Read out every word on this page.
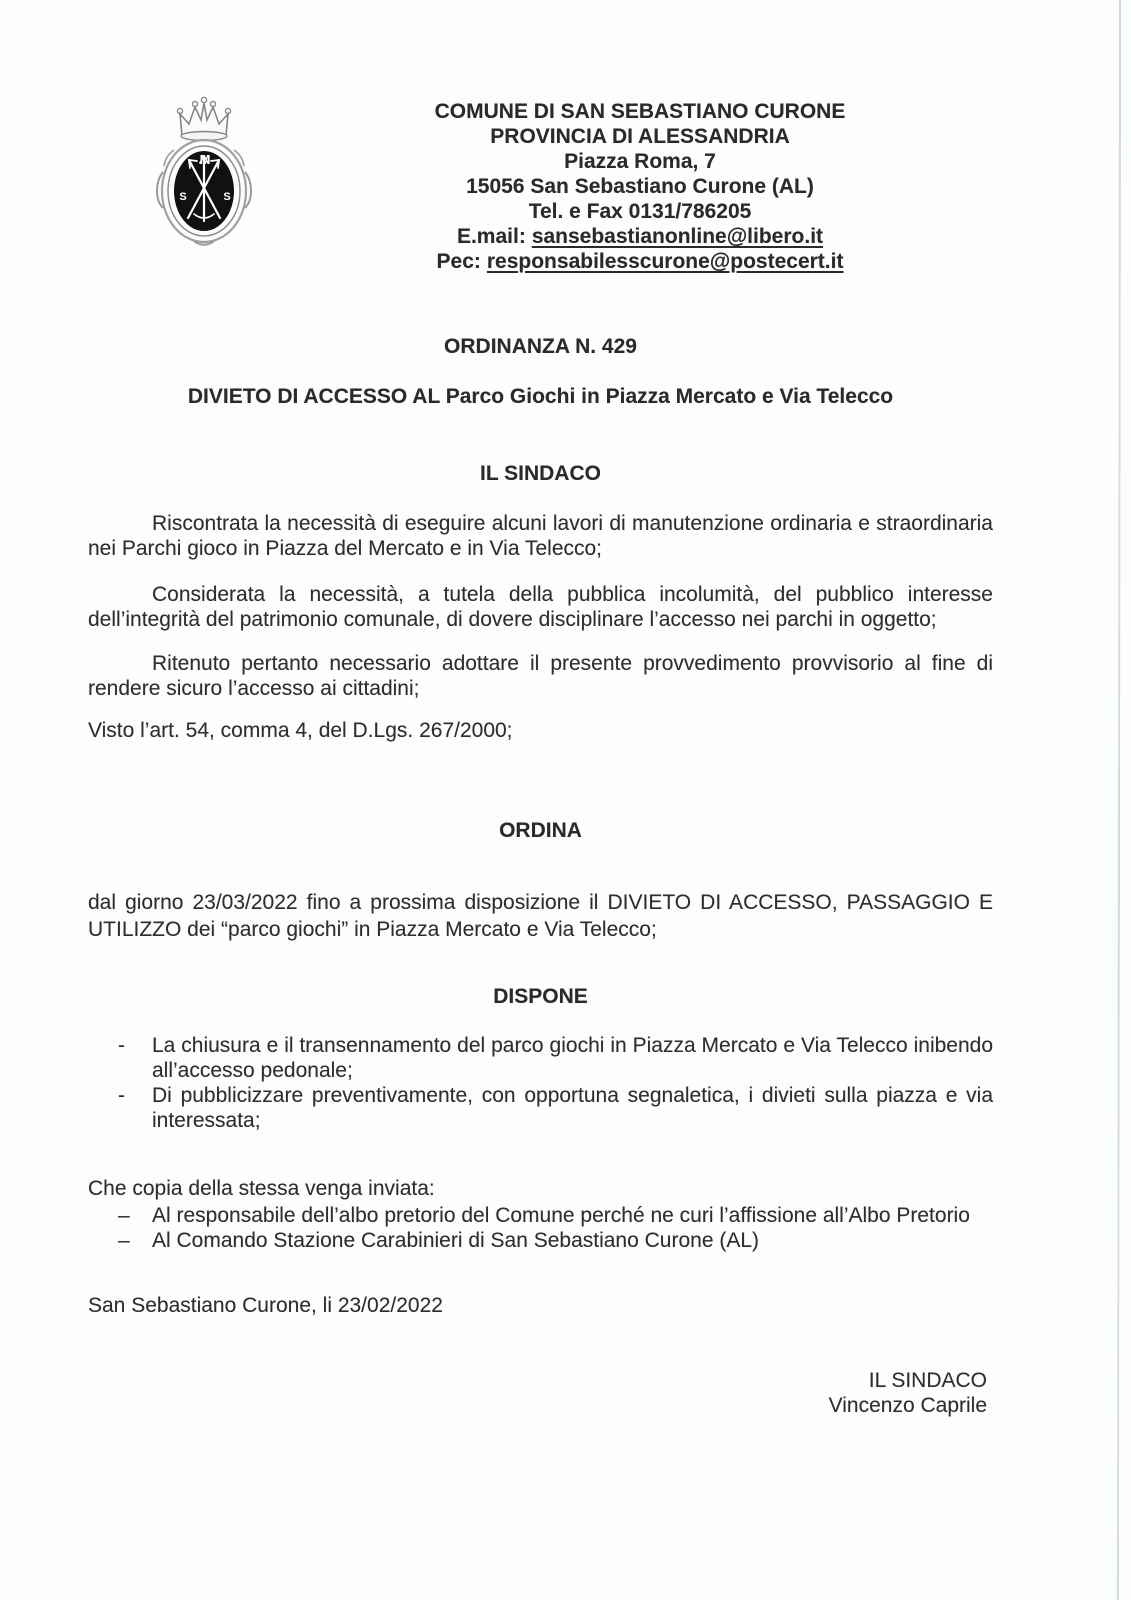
M
S	S
COMUNE DI SAN SEBASTIANO CURONE
PROVINCIA DI ALESSANDRIA
Piazza Roma, 7
15056 San Sebastiano Curone (AL)
Tel. e Fax 0131/786205
E.mail: sansebastianonline@libero.it
Pec: responsabilesscurone@postecert.it
ORDINANZA N. 429
DIVIETO DI ACCESSO AL Parco Giochi in Piazza Mercato e Via Telecco
IL SINDACO

Riscontrata la necessità di eseguire alcuni lavori di manutenzione ordinaria e straordinaria nei Parchi gioco in Piazza del Mercato e in Via Telecco;

Considerata la necessità, a tutela della pubblica incolumità, del pubblico interesse dell’integrità del patrimonio comunale, di dovere disciplinare l’accesso nei parchi in oggetto;

Ritenuto pertanto necessario adottare il presente provvedimento provvisorio al fine di rendere sicuro l’accesso ai cittadini;

Visto l’art. 54, comma 4, del D.Lgs. 267/2000;

ORDINA

dal giorno 23/03/2022 fino a prossima disposizione il DIVIETO DI ACCESSO, PASSAGGIO E UTILIZZO dei “parco giochi” in Piazza Mercato e Via Telecco;

DISPONE
-	La chiusura e il transennamento del parco giochi in Piazza Mercato e Via Telecco inibendo all’accesso pedonale;
-	Di pubblicizzare preventivamente, con opportuna segnaletica, i divieti sulla piazza e via interessata;

Che copia della stessa venga inviata:

–	Al responsabile dell’albo pretorio del Comune perché ne curi l’affissione all’Albo Pretorio
–	Al Comando Stazione Carabinieri di San Sebastiano Curone (AL)

San Sebastiano Curone, li 23/02/2022

IL SINDACO
Vincenzo Caprile
